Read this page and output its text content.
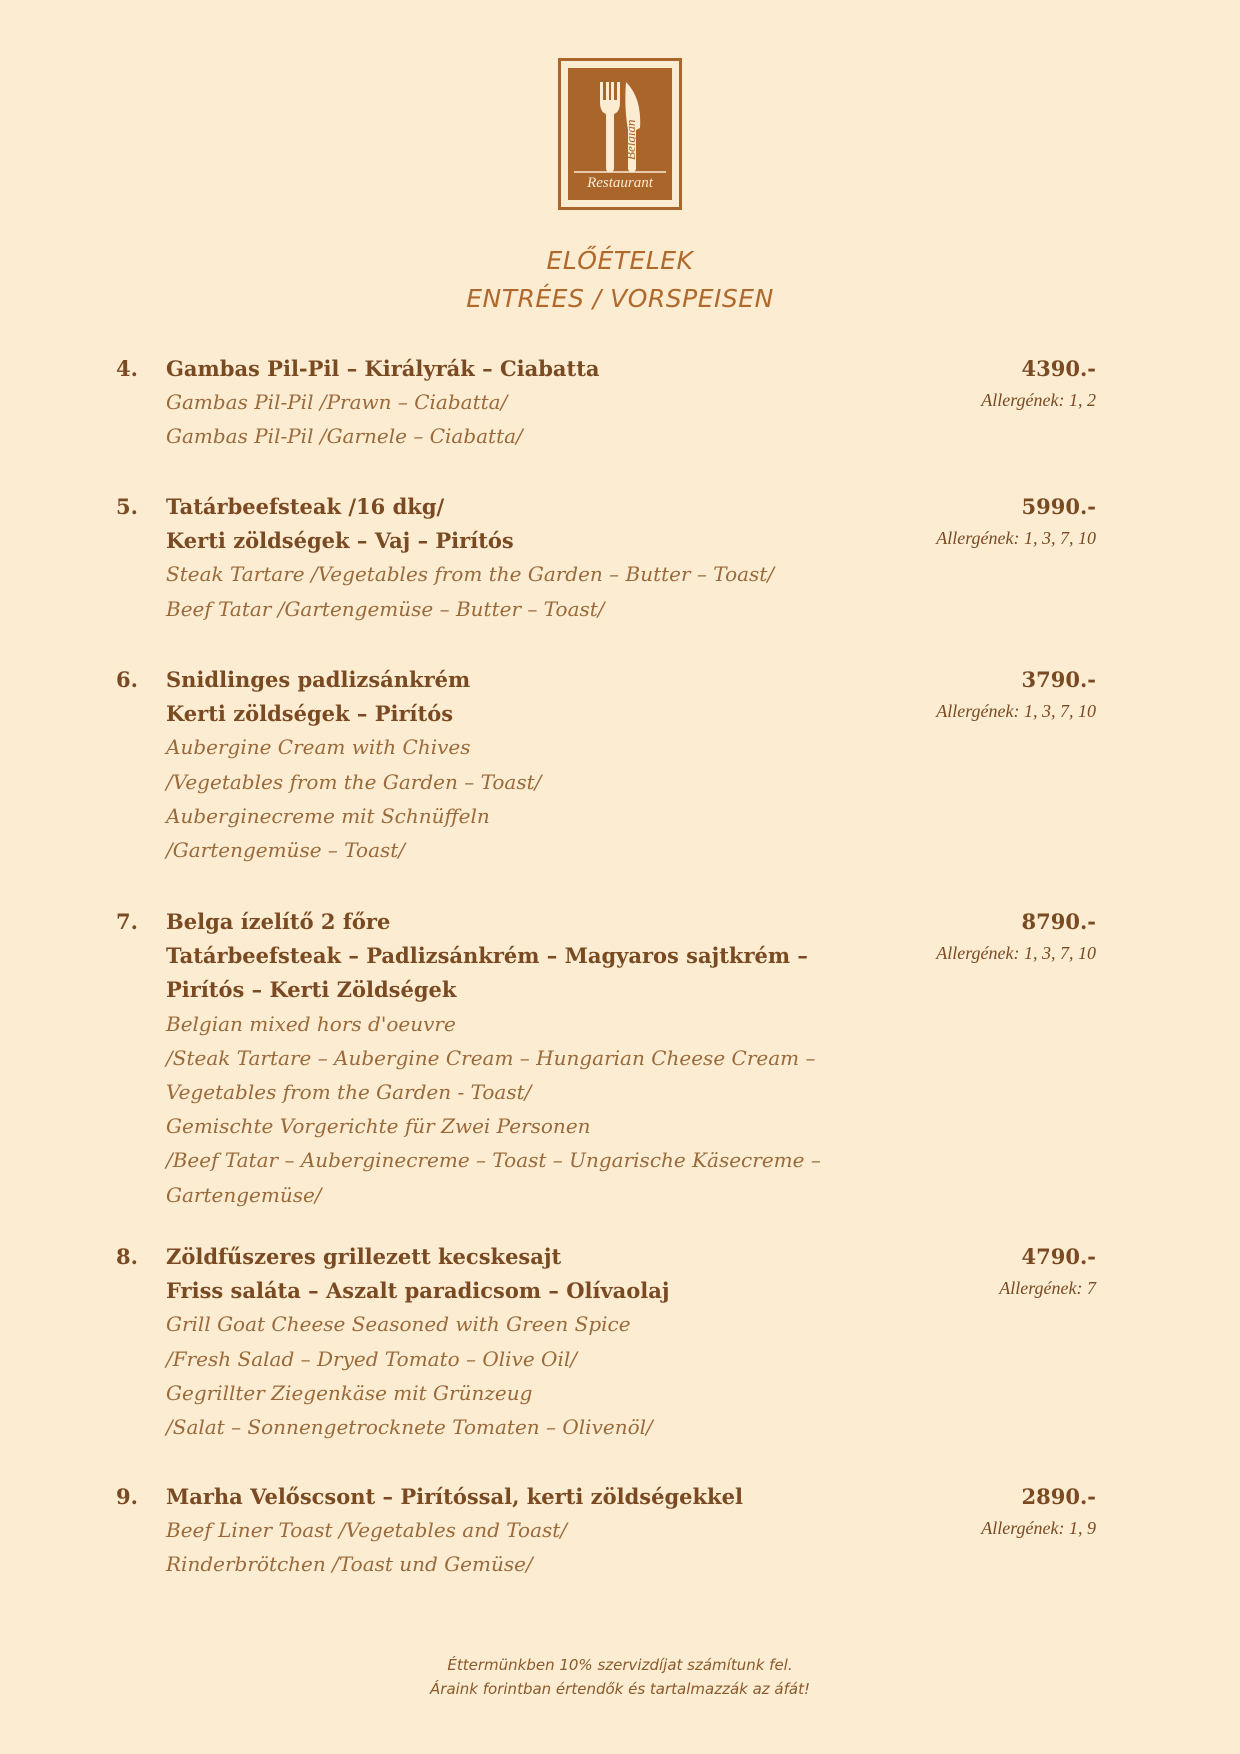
Belgian
Restaurant
ELŐÉTELEK
ENTRÉES / VORSPEISEN
4.	4390.-
Allergének: 1, 2
Gambas Pil-Pil – Királyrák – Ciabatta
Gambas Pil-Pil /Prawn – Ciabatta/
Gambas Pil-Pil /Garnele – Ciabatta/
5.	5990.-
Allergének: 1, 3, 7, 10
Tatárbeefsteak /16 dkg/
Kerti zöldségek – Vaj – Pirítós
Steak Tartare /Vegetables from the Garden – Butter – Toast/
Beef Tatar /Gartengemüse – Butter – Toast/
6.	3790.-
Allergének: 1, 3, 7, 10
Snidlinges padlizsánkrém
Kerti zöldségek – Pirítós
Aubergine Cream with Chives
/Vegetables from the Garden – Toast/
Auberginecreme mit Schnüffeln
/Gartengemüse – Toast/
7.	8790.-
Allergének: 1, 3, 7, 10
Belga ízelítő 2 főre
Tatárbeefsteak – Padlizsánkrém – Magyaros sajtkrém –
Pirítós – Kerti Zöldségek
Belgian mixed hors d'oeuvre
/Steak Tartare – Aubergine Cream – Hungarian Cheese Cream –
Vegetables from the Garden - Toast/
Gemischte Vorgerichte für Zwei Personen
/Beef Tatar – Auberginecreme – Toast – Ungarische Käsecreme –
Gartengemüse/
8.	4790.-
Allergének: 7
Zöldfűszeres grillezett kecskesajt
Friss saláta – Aszalt paradicsom – Olívaolaj
Grill Goat Cheese Seasoned with Green Spice
/Fresh Salad – Dryed Tomato – Olive Oil/
Gegrillter Ziegenkäse mit Grünzeug
/Salat – Sonnengetrocknete Tomaten – Olivenöl/
9.	2890.-
Allergének: 1, 9
Marha Velőscsont – Pirítóssal, kerti zöldségekkel
Beef Liner Toast /Vegetables and Toast/
Rinderbrötchen /Toast und Gemüse/
Éttermünkben 10% szervizdíjat számítunk fel.
Áraink forintban értendők és tartalmazzák az áfát!
